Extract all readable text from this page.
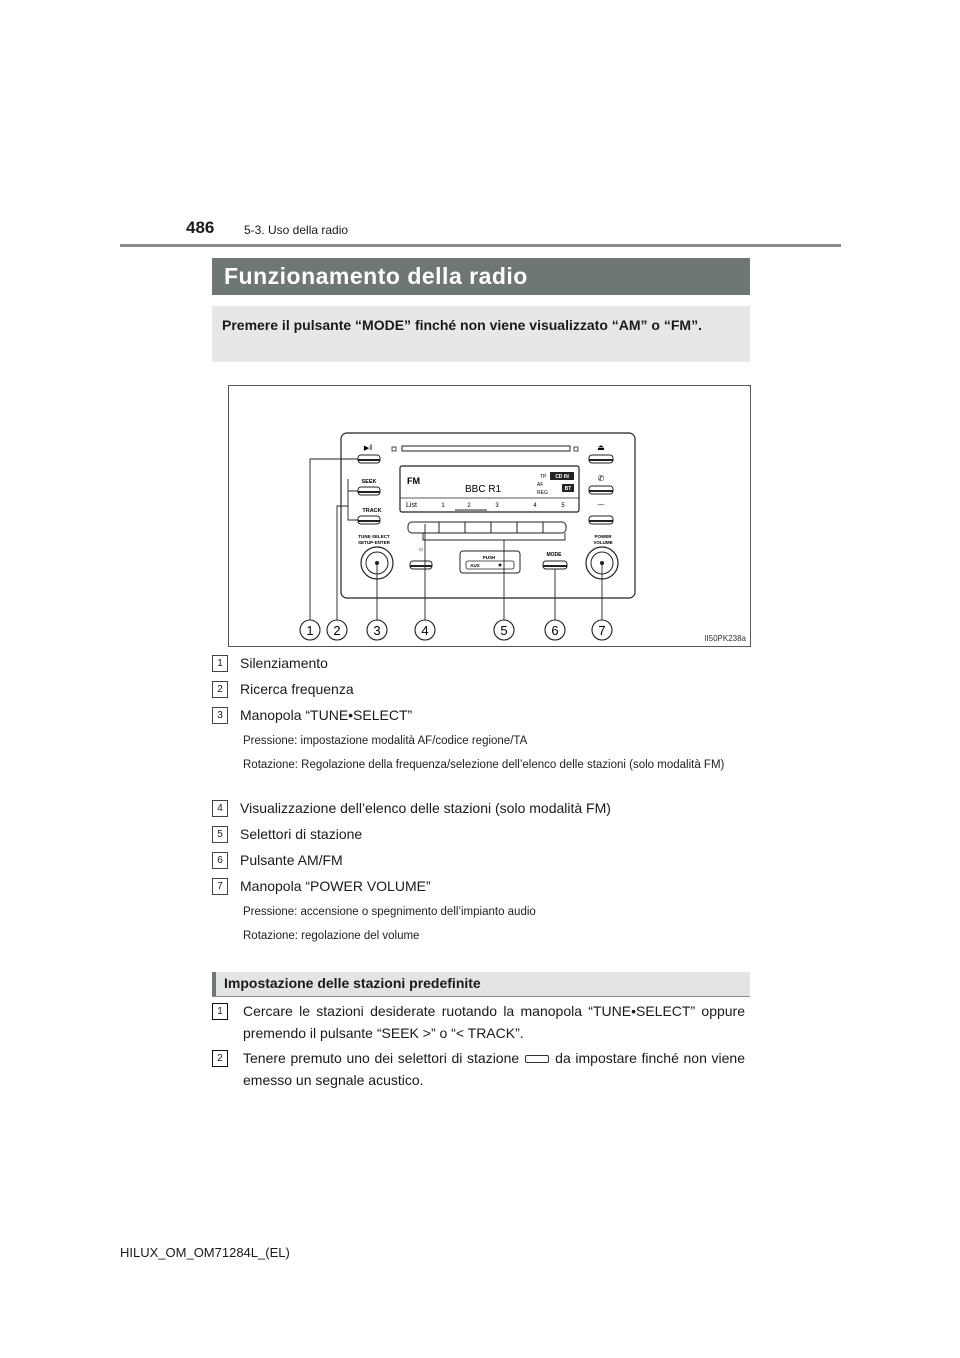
486 5-3. Uso della radio
Funzionamento della radio
Premere il pulsante “MODE” finché non viene visualizzato “AM” o “FM”.
▶‖
SEEK
TRACK
FM
BBC R1
TP
AF
REG
CD IN
BT
List	1	2	3	4	5
⏏
✆
⌒
TUNE·SELECT
SETUP·ENTER
☼
PUSH
AUX
MODE
POWER
VOLUME
1 2	3	4	5	6	7
II50PK238a
1	Silenziamento
2	Ricerca frequenza
3	Manopola “TUNE•SELECT”
Pressione: impostazione modalità AF/codice regione/TA
Rotazione: Regolazione della frequenza/selezione dell’elenco delle stazioni (solo modalità FM)
4	Visualizzazione dell’elenco delle stazioni (solo modalità FM)
5	Selettori di stazione
6	Pulsante AM/FM
7	Manopola “POWER VOLUME”
Pressione: accensione o spegnimento dell’impianto audio
Rotazione: regolazione del volume
Impostazione delle stazioni predefinite
1	Cercare le stazioni desiderate ruotando la manopola “TUNE•SELECT” oppure premendo il pulsante “SEEK >” o “< TRACK”.
2	Tenere premuto uno dei selettori di stazione	da impostare finché non viene emesso un segnale acustico.
HILUX_OM_OM71284L_(EL)
